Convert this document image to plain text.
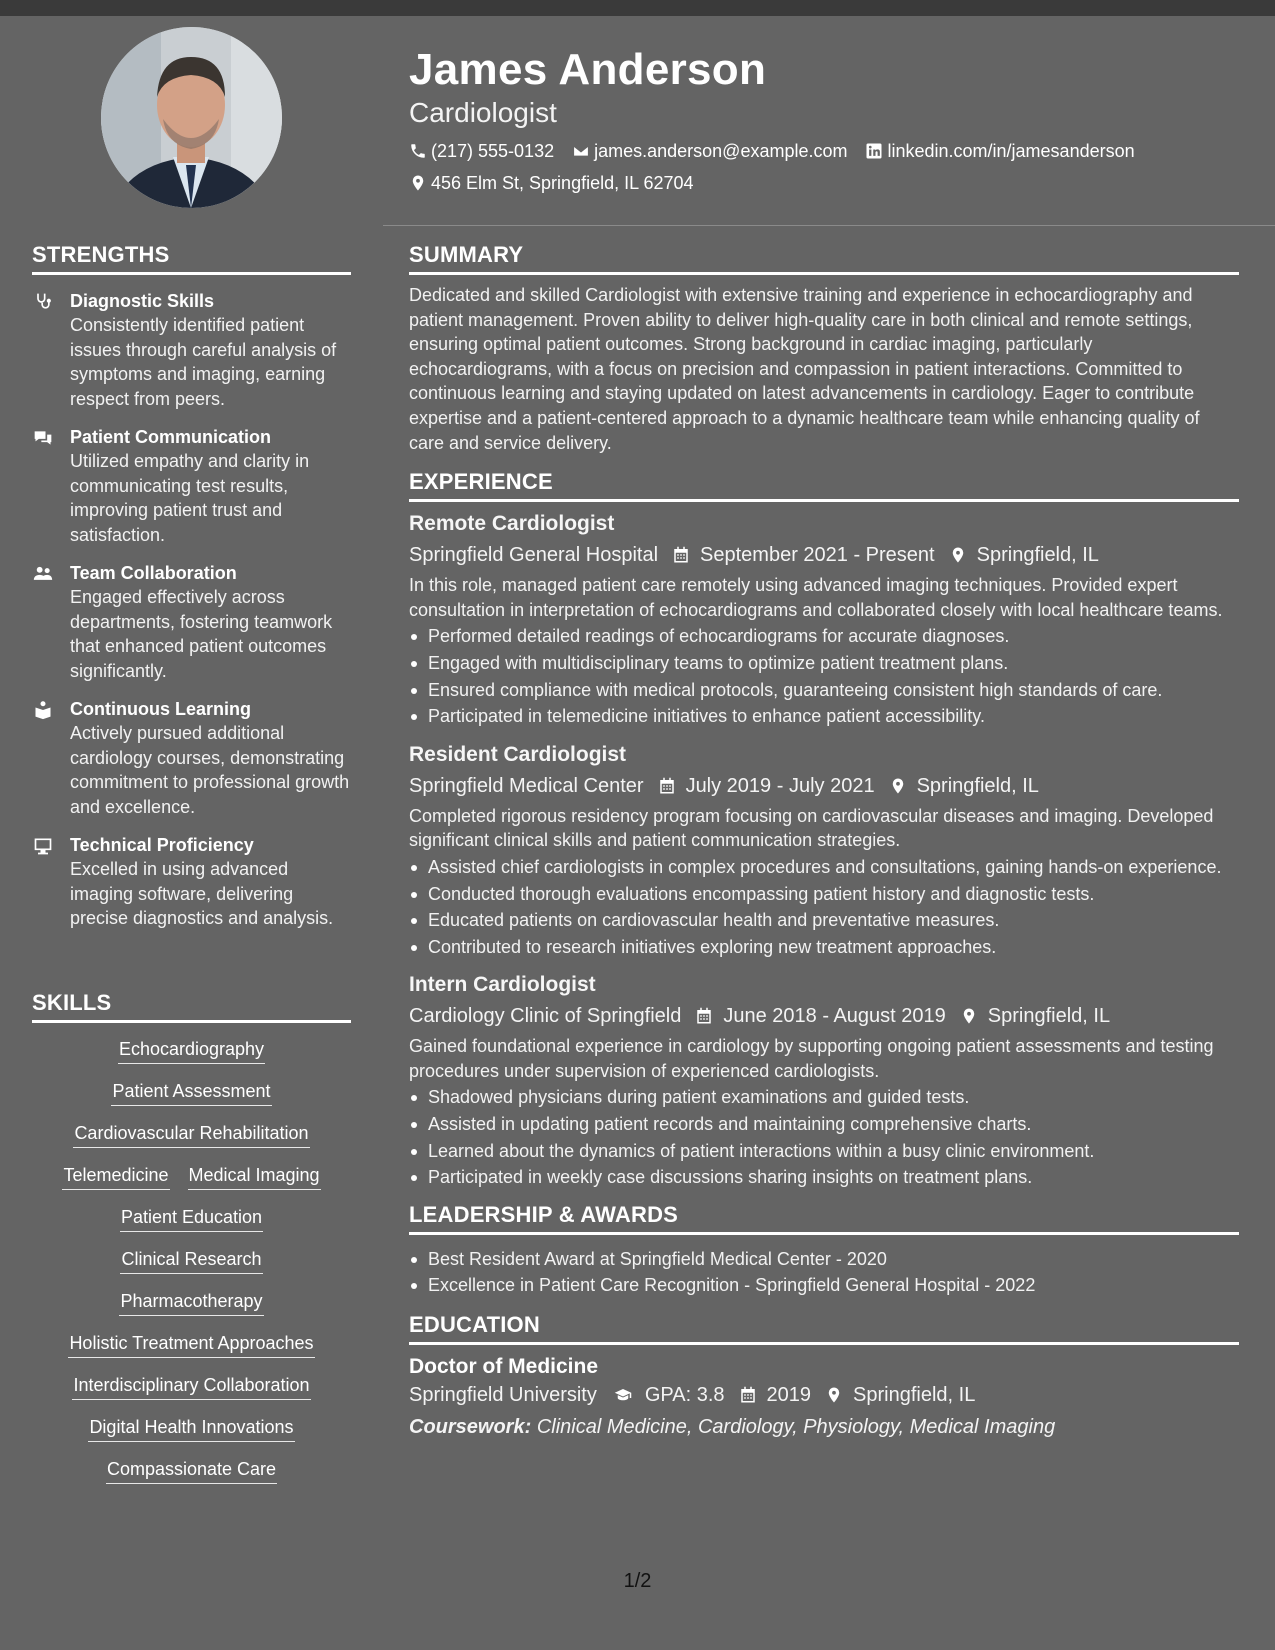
James Anderson
Cardiologist
(217) 555-0132 james.anderson@example.com linkedin.com/in/jamesanderson
456 Elm St, Springfield, IL 62704
STRENGTHS
Diagnostic Skills
Consistently identified patient issues through careful analysis of symptoms and imaging, earning respect from peers.
Patient Communication
Utilized empathy and clarity in communicating test results, improving patient trust and satisfaction.
Team Collaboration
Engaged effectively across departments, fostering teamwork that enhanced patient outcomes significantly.
Continuous Learning
Actively pursued additional cardiology courses, demonstrating commitment to professional growth and excellence.
Technical Proficiency
Excelled in using advanced imaging software, delivering precise diagnostics and analysis.
SKILLS
Echocardiography
Patient Assessment
Cardiovascular Rehabilitation
Telemedicine Medical Imaging
Patient Education
Clinical Research
Pharmacotherapy
Holistic Treatment Approaches
Interdisciplinary Collaboration
Digital Health Innovations
Compassionate Care
SUMMARY
Dedicated and skilled Cardiologist with extensive training and experience in echocardiography and patient management. Proven ability to deliver high-quality care in both clinical and remote settings, ensuring optimal patient outcomes. Strong background in cardiac imaging, particularly echocardiograms, with a focus on precision and compassion in patient interactions. Committed to continuous learning and staying updated on latest advancements in cardiology. Eager to contribute expertise and a patient-centered approach to a dynamic healthcare team while enhancing quality of care and service delivery.
EXPERIENCE
Remote Cardiologist
Springfield General Hospital September 2021 - Present Springfield, IL
In this role, managed patient care remotely using advanced imaging techniques. Provided expert consultation in interpretation of echocardiograms and collaborated closely with local healthcare teams.
Performed detailed readings of echocardiograms for accurate diagnoses.
Engaged with multidisciplinary teams to optimize patient treatment plans.
Ensured compliance with medical protocols, guaranteeing consistent high standards of care.
Participated in telemedicine initiatives to enhance patient accessibility.
Resident Cardiologist
Springfield Medical Center July 2019 - July 2021 Springfield, IL
Completed rigorous residency program focusing on cardiovascular diseases and imaging. Developed significant clinical skills and patient communication strategies.
Assisted chief cardiologists in complex procedures and consultations, gaining hands-on experience.
Conducted thorough evaluations encompassing patient history and diagnostic tests.
Educated patients on cardiovascular health and preventative measures.
Contributed to research initiatives exploring new treatment approaches.
Intern Cardiologist
Cardiology Clinic of Springfield June 2018 - August 2019 Springfield, IL
Gained foundational experience in cardiology by supporting ongoing patient assessments and testing procedures under supervision of experienced cardiologists.
Shadowed physicians during patient examinations and guided tests.
Assisted in updating patient records and maintaining comprehensive charts.
Learned about the dynamics of patient interactions within a busy clinic environment.
Participated in weekly case discussions sharing insights on treatment plans.
LEADERSHIP & AWARDS
Best Resident Award at Springfield Medical Center - 2020
Excellence in Patient Care Recognition - Springfield General Hospital - 2022
EDUCATION
Doctor of Medicine
Springfield University GPA: 3.8 2019 Springfield, IL
Coursework: Clinical Medicine, Cardiology, Physiology, Medical Imaging
1/2
